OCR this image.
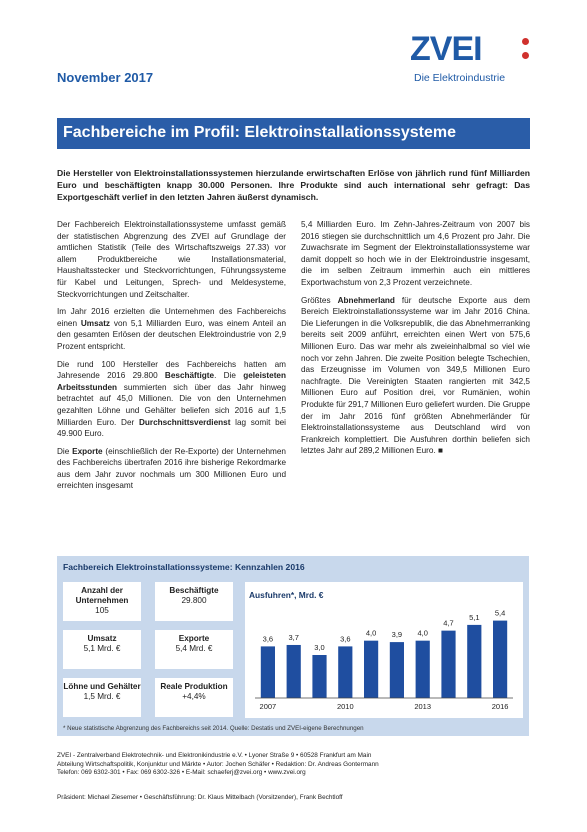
November 2017
ZVEI
Die Elektroindustrie
Fachbereiche im Profil: Elektroinstallationssysteme
Die Hersteller von Elektroinstallationssystemen hierzulande erwirtschaften Erlöse von jährlich rund fünf Milliarden Euro und beschäftigten knapp 30.000 Personen. Ihre Produkte sind auch international sehr gefragt: Das Exportgeschäft verlief in den letzten Jahren äußerst dynamisch.

Der Fachbereich Elektroinstallationssysteme umfasst gemäß der statistischen Abgrenzung des ZVEI auf Grundlage der amtlichen Statistik (Teile des Wirtschaftszweigs 27.33) vor allem Produktbereiche wie Installationsmaterial, Haushaltsstecker und Steckvorrichtungen, Führungssysteme für Kabel und Leitungen, Sprech- und Meldesysteme, Steckvorrichtungen und Zeitschalter.

Im Jahr 2016 erzielten die Unternehmen des Fachbereichs einen Umsatz von 5,1 Milliarden Euro, was einem Anteil an den gesamten Erlösen der deutschen Elektroindustrie von 2,9 Prozent entspricht.

Die rund 100 Hersteller des Fachbereichs hatten am Jahresende 2016 29.800 Beschäftigte. Die geleisteten Arbeitsstunden summierten sich über das Jahr hinweg betrachtet auf 45,0 Millionen. Die von den Unternehmen gezahlten Löhne und Gehälter beliefen sich 2016 auf 1,5 Milliarden Euro. Der Durchschnittsverdienst lag somit bei 49.900 Euro.

Die Exporte (einschließlich der Re-Exporte) der Unternehmen des Fachbereichs übertrafen 2016 ihre bisherige Rekordmarke aus dem Jahr zuvor nochmals um 300 Millionen Euro und erreichten insgesamt

5,4 Milliarden Euro. Im Zehn-Jahres-Zeitraum von 2007 bis 2016 stiegen sie durchschnittlich um 4,6 Prozent pro Jahr. Die Zuwachsrate im Segment der Elektroinstallationssysteme war damit doppelt so hoch wie in der Elektroindustrie insgesamt, die im selben Zeitraum immerhin auch ein mittleres Exportwachstum von 2,3 Prozent verzeichnete.

Größtes Abnehmerland für deutsche Exporte aus dem Bereich Elektroinstallationssysteme war im Jahr 2016 China. Die Lieferungen in die Volksrepublik, die das Abnehmerranking bereits seit 2009 anführt, erreichten einen Wert von 575,6 Millionen Euro. Das war mehr als zweieinhalbmal so viel wie noch vor zehn Jahren. Die zweite Position belegte Tschechien, das Erzeugnisse im Volumen von 349,5 Millionen Euro nachfragte. Die Vereinigten Staaten rangierten mit 342,5 Millionen Euro auf Position drei, vor Rumänien, wohin Produkte für 291,7 Millionen Euro geliefert wurden. Die Gruppe der im Jahr 2016 fünf größten Abnehmerländer für Elektroinstallationssysteme aus Deutschland wird von Frankreich komplettiert. Die Ausfuhren dorthin beliefen sich letztes Jahr auf 289,2 Millionen Euro. ■

Fachbereich Elektroinstallationssysteme: Kennzahlen 2016
Anzahl der Unternehmen
105
Beschäftigte
29.800
Umsatz
5,1 Mrd. €
Exporte
5,4 Mrd. €
Löhne und Gehälter
1,5 Mrd. €
Reale Produktion
+4,4%
Ausfuhren*, Mrd. €
3,6 3,7
3,0
3,6
4,0 3,9 4,0
4,7
5,1 5,4
2007	2010	2013	2016
* Neue statistische Abgrenzung des Fachbereichs seit 2014. Quelle: Destatis und ZVEI-eigene Berechnungen
ZVEI - Zentralverband Elektrotechnik- und Elektronikindustrie e.V. • Lyoner Straße 9 • 60528 Frankfurt am Main
Abteilung Wirtschaftspolitik, Konjunktur und Märkte • Autor: Jochen Schäfer • Redaktion: Dr. Andreas Gontermann
Telefon: 069 6302-301 • Fax: 069 6302-326 • E-Mail: schaeferj@zvei.org • www.zvei.org
Präsident: Michael Ziesemer • Geschäftsführung: Dr. Klaus Mittelbach (Vorsitzender), Frank Bechtloff
